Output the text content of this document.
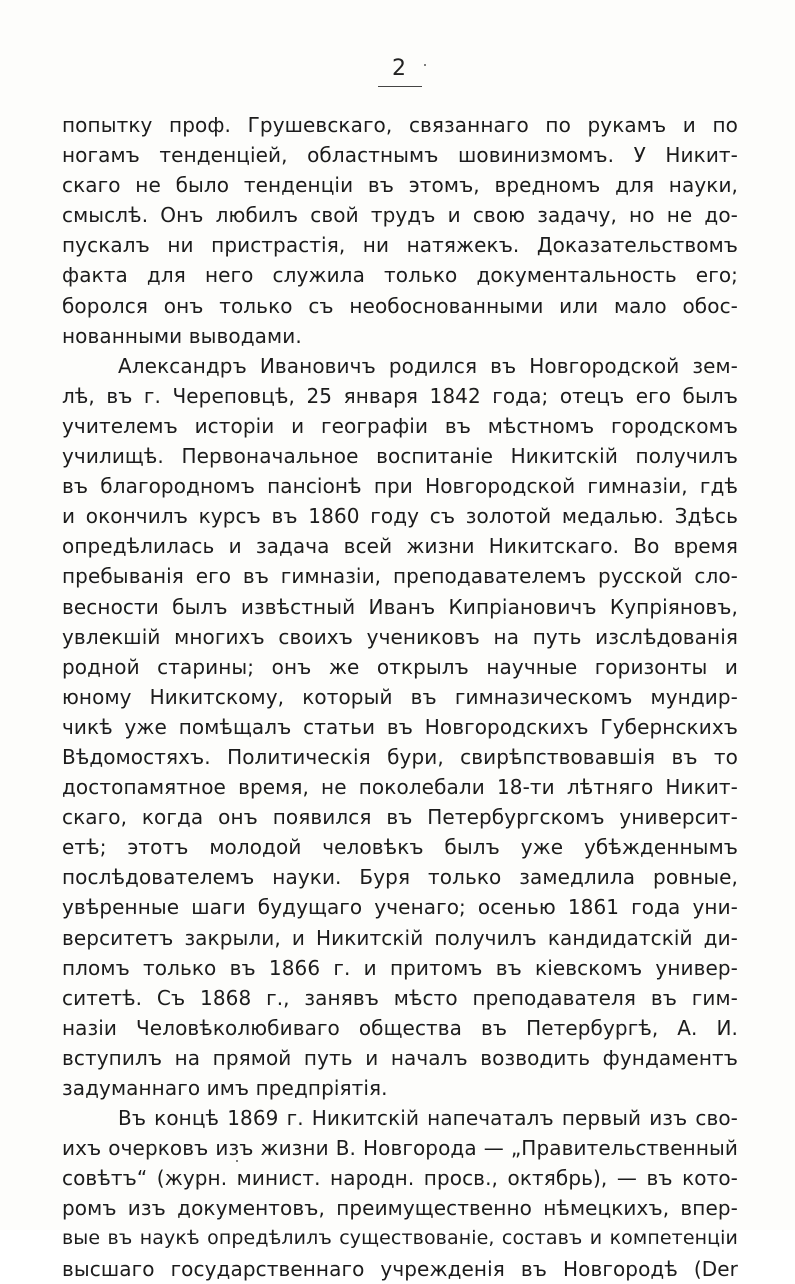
2
попытку проф. Грушевскаго, связаннаго по рукамъ и по
ногамъ тенденціей, областнымъ шовинизмомъ. У Никит-
скаго не было тенденціи въ этомъ, вредномъ для науки,
смыслѣ. Онъ любилъ свой трудъ и свою задачу, но не до-
пускалъ ни пристрастія, ни натяжекъ. Доказательствомъ
факта для него служила только документальность его;
боролся онъ только съ необоснованными или мало обос-
нованными выводами.
Александръ Ивановичъ родился въ Новгородской зем-
лѣ, въ г. Череповцѣ, 25 января 1842 года; отецъ его былъ
учителемъ исторіи и географіи въ мѣстномъ городскомъ
училищѣ. Первоначальное воспитаніе Никитскій получилъ
въ благородномъ пансіонѣ при Новгородской гимназіи, гдѣ
и окончилъ курсъ въ 1860 году съ золотой медалью. Здѣсь
опредѣлилась и задача всей жизни Никитскаго. Во время
пребыванія его въ гимназіи, преподавателемъ русской сло-
весности былъ извѣстный Иванъ Кипріановичъ Купріяновъ,
увлекшій многихъ своихъ учениковъ на путь изслѣдованія
родной старины; онъ же открылъ научные горизонты и
юному Никитскому, который въ гимназическомъ мундир-
чикѣ уже помѣщалъ статьи въ Новгородскихъ Губернскихъ
Вѣдомостяхъ. Политическія бури, свирѣпствовавшія въ то
достопамятное время, не поколебали 18-ти лѣтняго Никит-
скаго, когда онъ появился въ Петербургскомъ университ-
етѣ; этотъ молодой человѣкъ былъ уже убѣжденнымъ
послѣдователемъ науки. Буря только замедлила ровные,
увѣренные шаги будущаго ученаго; осенью 1861 года уни-
верситетъ закрыли, и Никитскій получилъ кандидатскій ди-
пломъ только въ 1866 г. и притомъ въ кіевскомъ универ-
ситетѣ. Съ 1868 г., занявъ мѣсто преподавателя въ гим-
назіи Человѣколюбиваго общества въ Петербургѣ, А. И.
вступилъ на прямой путь и началъ возводить фундаментъ
задуманнаго имъ предпріятія.
Въ концѣ 1869 г. Никитскій напечаталъ первый изъ сво-
ихъ очерковъ изъ жизни В. Новгорода — „Правительственный
совѣтъ“ (журн. минист. народн. просв., октябрь), — въ кото-
ромъ изъ документовъ, преимущественно нѣмецкихъ, впер-
вые въ наукѣ опредѣлилъ существованіе, составъ и компетенціи
высшаго государственнаго учрежденія въ Новгородѣ (Der
